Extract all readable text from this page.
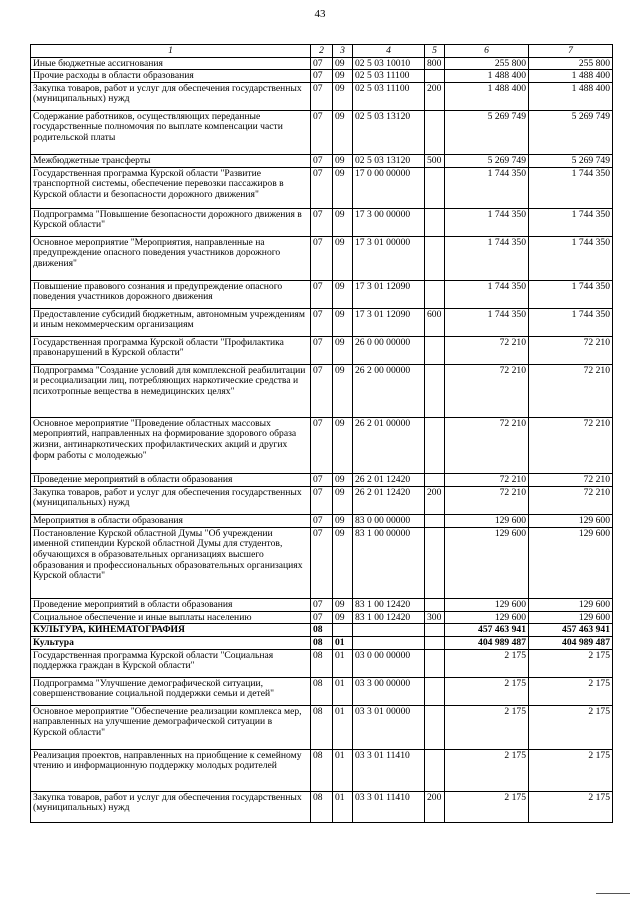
43
1	2	3	4	5	6	7
Иные бюджетные ассигнования	07	09	02 5 03 10010	800	255 800	255 800
Прочие расходы в области образования	07	09	02 5 03 11100		1 488 400	1 488 400
Закупка товаров, работ и услуг для обеспечения государственных (муниципальных) нужд	07	09	02 5 03 11100	200	1 488 400	1 488 400
Содержание работников, осуществляющих переданные государственные полномочия по выплате компенсации части родительской платы	07	09	02 5 03 13120		5 269 749	5 269 749
Межбюджетные трансферты	07	09	02 5 03 13120	500	5 269 749	5 269 749
Государственная программа Курской области "Развитие транспортной системы, обеспечение перевозки пассажиров в Курской области и безопасности дорожного движения"	07	09	17 0 00 00000		1 744 350	1 744 350
Подпрограмма "Повышение безопасности дорожного движения в Курской области"	07	09	17 3 00 00000		1 744 350	1 744 350
Основное мероприятие "Мероприятия, направленные на предупреждение опасного поведения участников дорожного движения"	07	09	17 3 01 00000		1 744 350	1 744 350
Повышение правового сознания и предупреждение опасного поведения участников дорожного движения	07	09	17 3 01 12090		1 744 350	1 744 350
Предоставление субсидий бюджетным, автономным учреждениям и иным некоммерческим организациям	07	09	17 3 01 12090	600	1 744 350	1 744 350
Государственная программа Курской области "Профилактика правонарушений в Курской области"	07	09	26 0 00 00000		72 210	72 210
Подпрограмма "Создание условий для комплексной реабилитации и ресоциализации лиц, потребляющих наркотические средства и психотропные вещества в немедицинских целях"	07	09	26 2 00 00000		72 210	72 210
Основное мероприятие "Проведение областных массовых мероприятий, направленных на формирование здорового образа жизни, антинаркотических профилактических акций и других форм работы с молодежью"	07	09	26 2 01 00000		72 210	72 210
Проведение мероприятий в области образования	07	09	26 2 01 12420		72 210	72 210
Закупка товаров, работ и услуг для обеспечения государственных (муниципальных) нужд	07	09	26 2 01 12420	200	72 210	72 210
Мероприятия в области образования	07	09	83 0 00 00000		129 600	129 600
Постановление Курской областной Думы "Об учреждении именной стипендии Курской областной Думы для студентов, обучающихся в образовательных организациях высшего образования и профессиональных образовательных организациях Курской области"	07	09	83 1 00 00000		129 600	129 600
Проведение мероприятий в области образования	07	09	83 1 00 12420		129 600	129 600
Социальное обеспечение и иные выплаты населению	07	09	83 1 00 12420	300	129 600	129 600
КУЛЬТУРА, КИНЕМАТОГРАФИЯ	08				457 463 941	457 463 941
Культура	08	01			404 989 487	404 989 487
Государственная программа Курской области "Социальная поддержка граждан в Курской области"	08	01	03 0 00 00000		2 175	2 175
Подпрограмма "Улучшение демографической ситуации, совершенствование социальной поддержки семьи и детей"	08	01	03 3 00 00000		2 175	2 175
Основное мероприятие "Обеспечение реализации комплекса мер, направленных на улучшение демографической ситуации в Курской области"	08	01	03 3 01 00000		2 175	2 175
Реализация проектов, направленных на приобщение к семейному чтению и информационную поддержку молодых родителей	08	01	03 3 01 11410		2 175	2 175
Закупка товаров, работ и услуг для обеспечения государственных (муниципальных) нужд	08	01	03 3 01 11410	200	2 175	2 175
